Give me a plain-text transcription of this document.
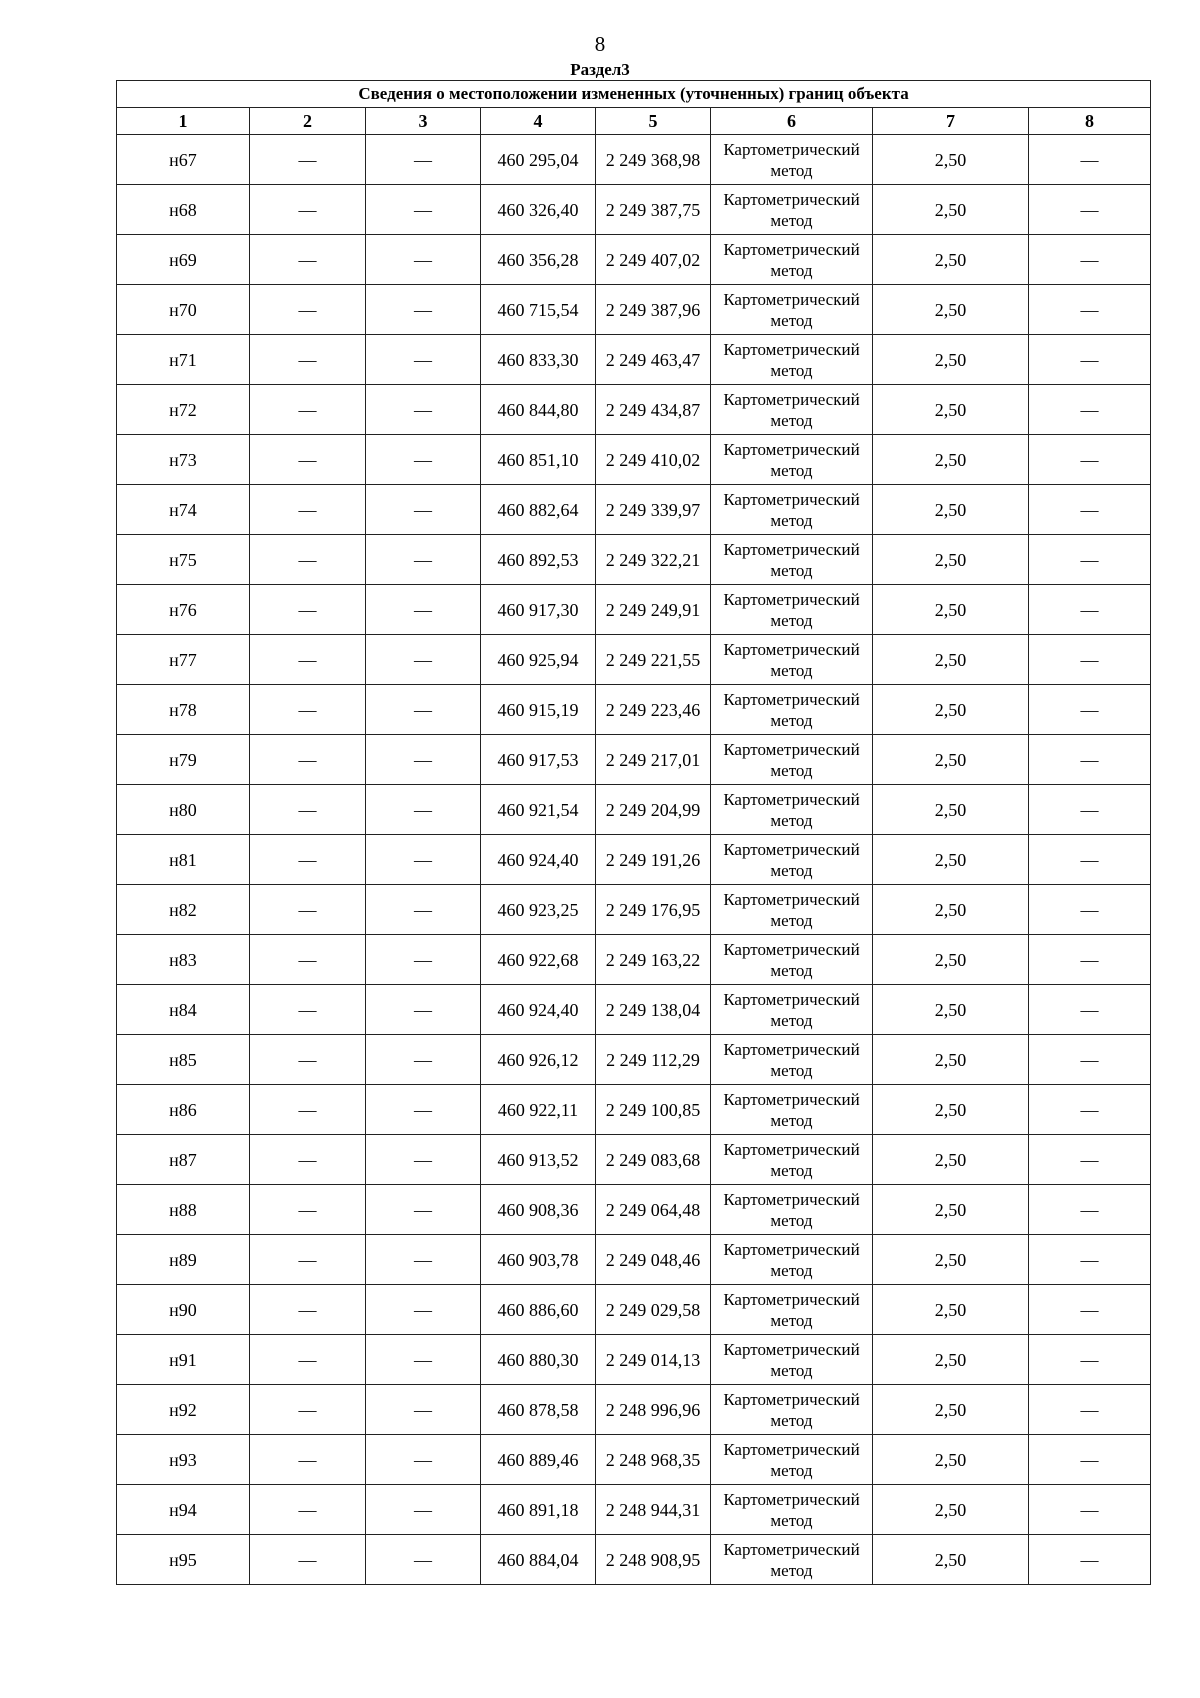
8
Раздел3
Сведения о местоположении измененных (уточненных) границ объекта							
1	2	3	4	5	6	7	8
н67	—	—	460 295,04	2 249 368,98	Картометрический метод	2,50	—
н68	—	—	460 326,40	2 249 387,75	Картометрический метод	2,50	—
н69	—	—	460 356,28	2 249 407,02	Картометрический метод	2,50	—
н70	—	—	460 715,54	2 249 387,96	Картометрический метод	2,50	—
н71	—	—	460 833,30	2 249 463,47	Картометрический метод	2,50	—
н72	—	—	460 844,80	2 249 434,87	Картометрический метод	2,50	—
н73	—	—	460 851,10	2 249 410,02	Картометрический метод	2,50	—
н74	—	—	460 882,64	2 249 339,97	Картометрический метод	2,50	—
н75	—	—	460 892,53	2 249 322,21	Картометрический метод	2,50	—
н76	—	—	460 917,30	2 249 249,91	Картометрический метод	2,50	—
н77	—	—	460 925,94	2 249 221,55	Картометрический метод	2,50	—
н78	—	—	460 915,19	2 249 223,46	Картометрический метод	2,50	—
н79	—	—	460 917,53	2 249 217,01	Картометрический метод	2,50	—
н80	—	—	460 921,54	2 249 204,99	Картометрический метод	2,50	—
н81	—	—	460 924,40	2 249 191,26	Картометрический метод	2,50	—
н82	—	—	460 923,25	2 249 176,95	Картометрический метод	2,50	—
н83	—	—	460 922,68	2 249 163,22	Картометрический метод	2,50	—
н84	—	—	460 924,40	2 249 138,04	Картометрический метод	2,50	—
н85	—	—	460 926,12	2 249 112,29	Картометрический метод	2,50	—
н86	—	—	460 922,11	2 249 100,85	Картометрический метод	2,50	—
н87	—	—	460 913,52	2 249 083,68	Картометрический метод	2,50	—
н88	—	—	460 908,36	2 249 064,48	Картометрический метод	2,50	—
н89	—	—	460 903,78	2 249 048,46	Картометрический метод	2,50	—
н90	—	—	460 886,60	2 249 029,58	Картометрический метод	2,50	—
н91	—	—	460 880,30	2 249 014,13	Картометрический метод	2,50	—
н92	—	—	460 878,58	2 248 996,96	Картометрический метод	2,50	—
н93	—	—	460 889,46	2 248 968,35	Картометрический метод	2,50	—
н94	—	—	460 891,18	2 248 944,31	Картометрический метод	2,50	—
н95	—	—	460 884,04	2 248 908,95	Картометрический метод	2,50	—
